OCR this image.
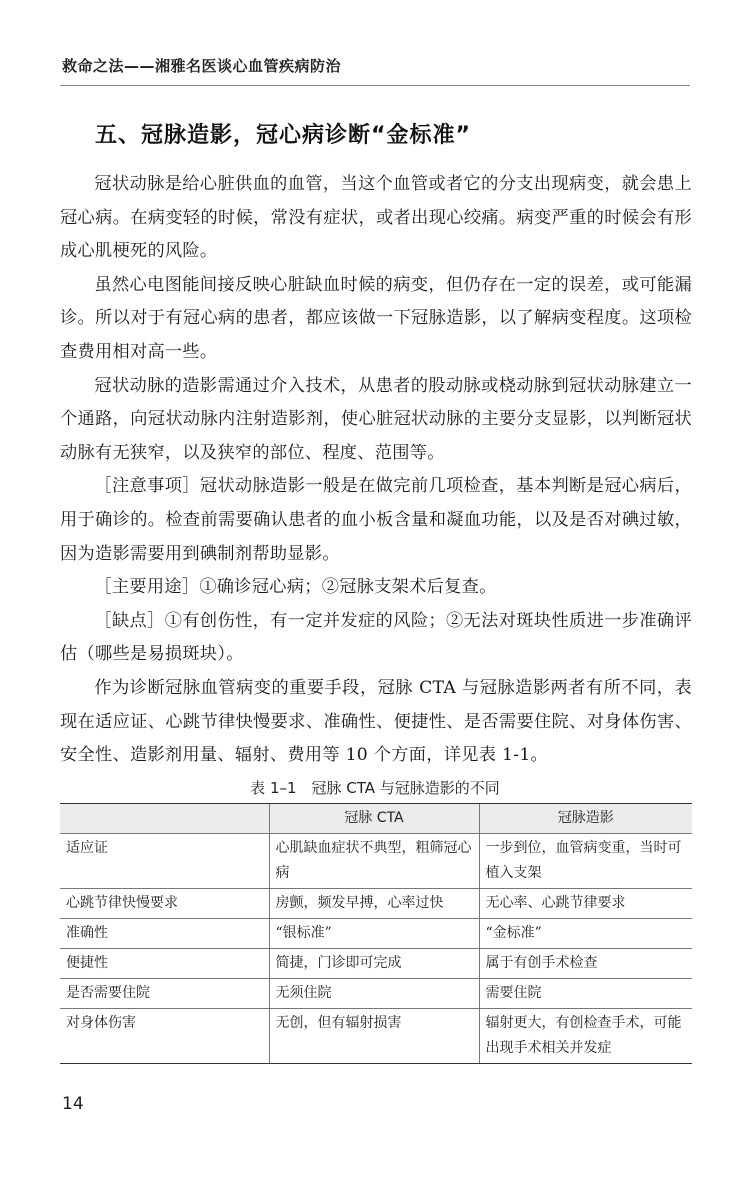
救命之法——湘雅名医谈心血管疾病防治
五、冠脉造影，冠心病诊断“金标准”

冠状动脉是给心脏供血的血管，当这个血管或者它的分支出现病变，就会患上冠心病。在病变轻的时候，常没有症状，或者出现心绞痛。病变严重的时候会有形成心肌梗死的风险。

虽然心电图能间接反映心脏缺血时候的病变，但仍存在一定的误差，或可能漏诊。所以对于有冠心病的患者，都应该做一下冠脉造影，以了解病变程度。这项检查费用相对高一些。

冠状动脉的造影需通过介入技术，从患者的股动脉或桡动脉到冠状动脉建立一个通路，向冠状动脉内注射造影剂，使心脏冠状动脉的主要分支显影，以判断冠状动脉有无狭窄，以及狭窄的部位、程度、范围等。

［注意事项］冠状动脉造影一般是在做完前几项检查，基本判断是冠心病后，用于确诊的。检查前需要确认患者的血小板含量和凝血功能，以及是否对碘过敏，因为造影需要用到碘制剂帮助显影。

［主要用途］①确诊冠心病；②冠脉支架术后复查。

［缺点］①有创伤性，有一定并发症的风险；②无法对斑块性质进一步准确评估（哪些是易损斑块）。

作为诊断冠脉血管病变的重要手段，冠脉 CTA 与冠脉造影两者有所不同，表现在适应证、心跳节律快慢要求、准确性、便捷性、是否需要住院、对身体伤害、安全性、造影剂用量、辐射、费用等 10 个方面，详见表 1-1。

表 1–1　冠脉 CTA 与冠脉造影的不同
	冠脉 CTA	冠脉造影
适应证	心肌缺血症状不典型，粗筛冠心病	一步到位，血管病变重，当时可植入支架
心跳节律快慢要求	房颤，频发早搏，心率过快	无心率、心跳节律要求
准确性	“银标准”	“金标准”
便捷性	简捷，门诊即可完成	属于有创手术检查
是否需要住院	无须住院	需要住院
对身体伤害	无创，但有辐射损害	辐射更大，有创检查手术，可能出现手术相关并发症
14
